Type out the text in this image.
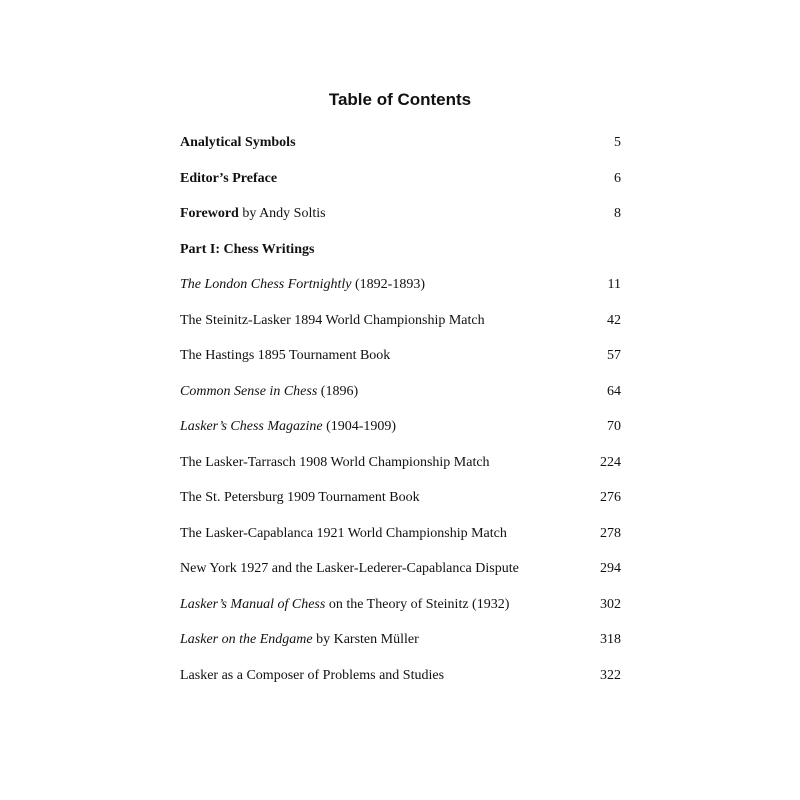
Table of Contents
Analytical Symbols	5
Editor’s Preface	6
Foreword by Andy Soltis	8
Part I: Chess Writings
The London Chess Fortnightly (1892-1893)	11
The Steinitz-Lasker 1894 World Championship Match	42
The Hastings 1895 Tournament Book	57
Common Sense in Chess (1896)	64
Lasker’s Chess Magazine (1904-1909)	70
The Lasker-Tarrasch 1908 World Championship Match	224
The St. Petersburg 1909 Tournament Book	276
The Lasker-Capablanca 1921 World Championship Match	278
New York 1927 and the Lasker-Lederer-Capablanca Dispute	294
Lasker’s Manual of Chess on the Theory of Steinitz (1932)	302
Lasker on the Endgame by Karsten Müller	318
Lasker as a Composer of Problems and Studies	322
